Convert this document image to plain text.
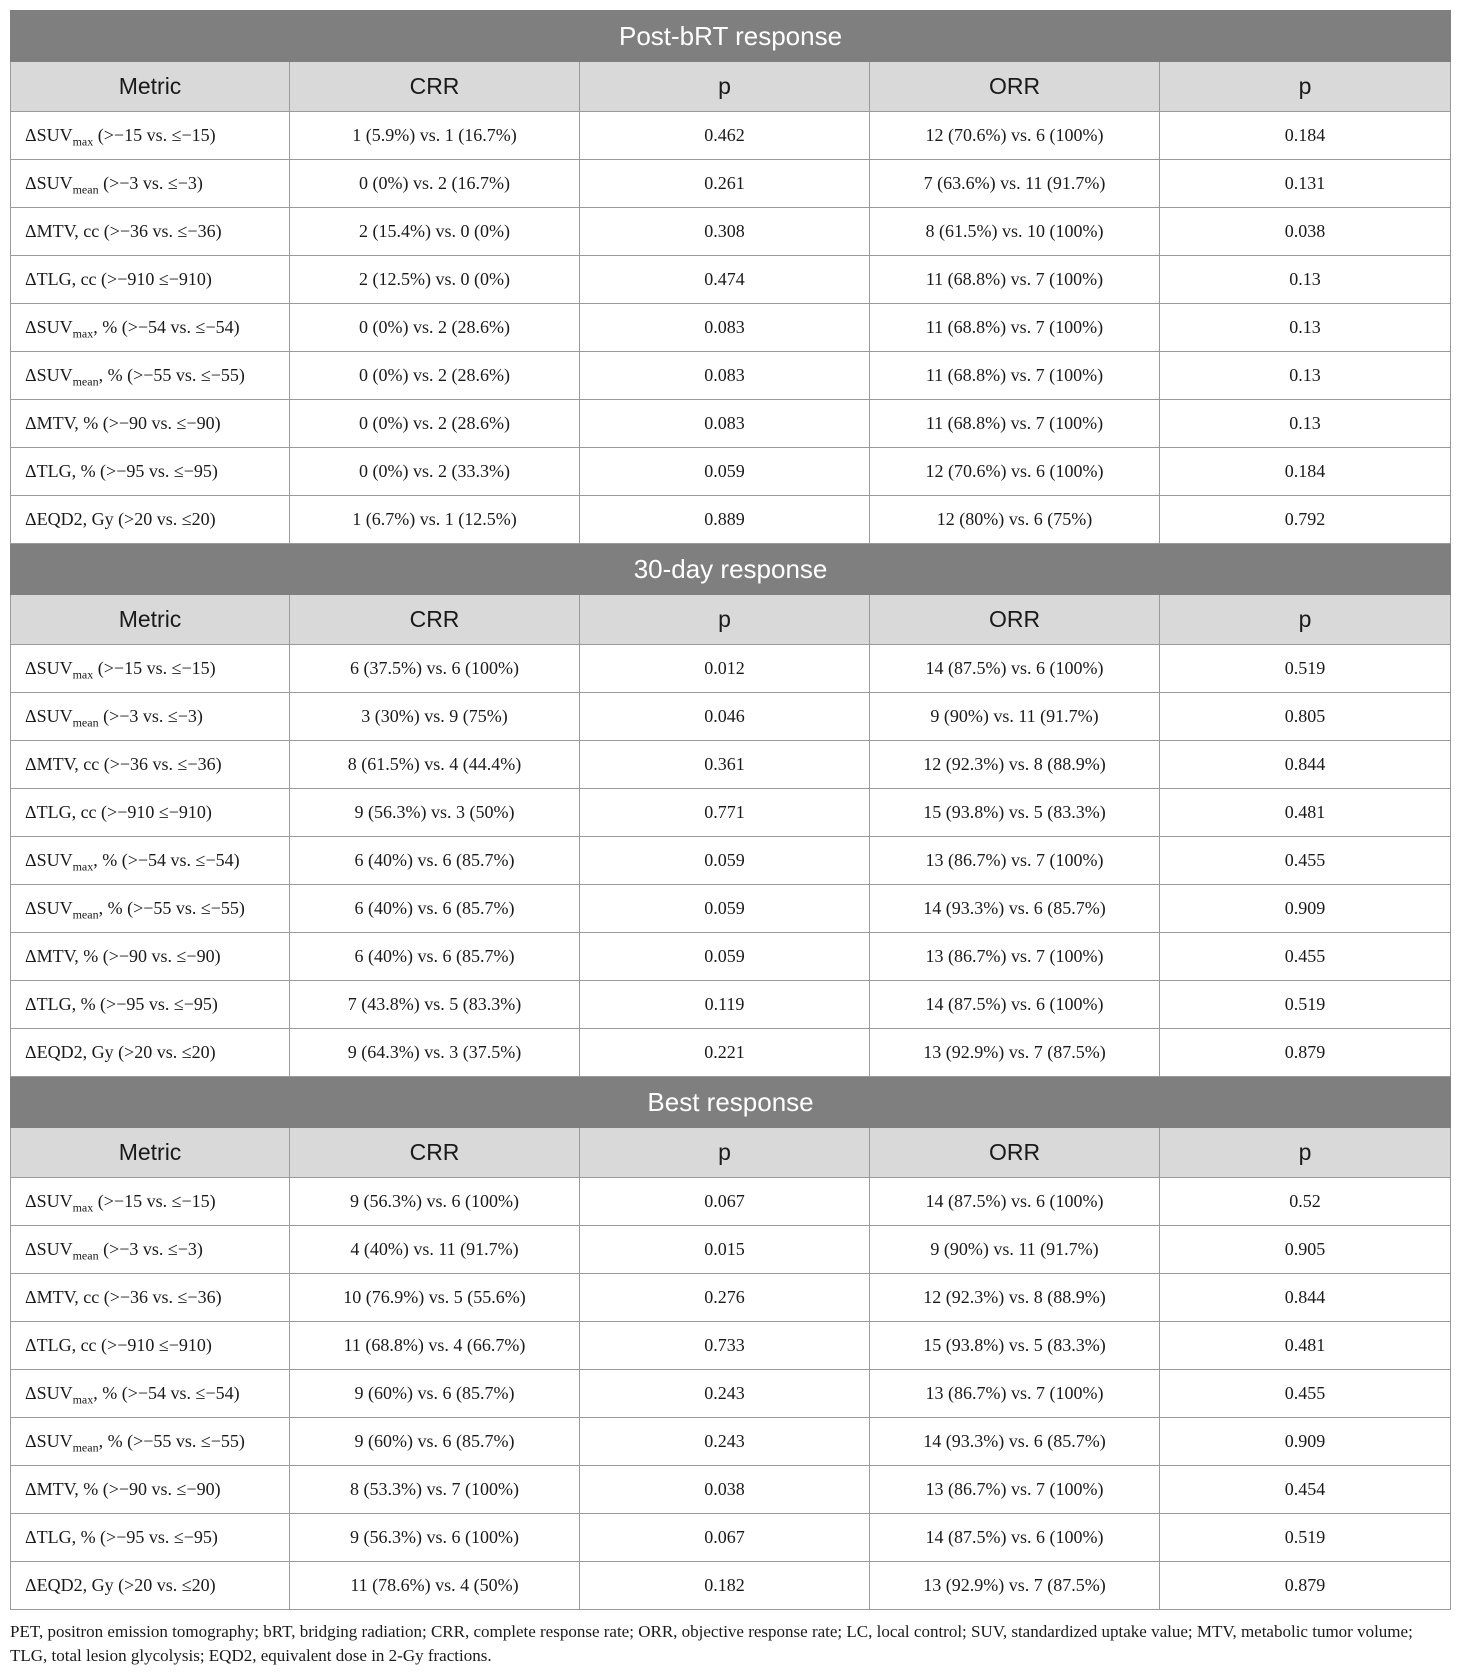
Post-bRT response				
Metric	CRR	p	ORR	p
$\Delta SUV_{max}$ (>−15 vs. ≤−15)	1 (5.9%) vs. 1 (16.7%)	0.462	12 (70.6%) vs. 6 (100%)	0.184
$\Delta SUV_{mean}$ (>−3 vs. ≤−3)	0 (0%) vs. 2 (16.7%)	0.261	7 (63.6%) vs. 11 (91.7%)	0.131
ΔMTV, cc (>−36 vs. ≤−36)	2 (15.4%) vs. 0 (0%)	0.308	8 (61.5%) vs. 10 (100%)	0.038
ΔTLG, cc (>−910 ≤−910)	2 (12.5%) vs. 0 (0%)	0.474	11 (68.8%) vs. 7 (100%)	0.13
$\Delta SUV_{max}$, % (>−54 vs. ≤−54)	0 (0%) vs. 2 (28.6%)	0.083	11 (68.8%) vs. 7 (100%)	0.13
$\Delta SUV_{mean}$, % (>−55 vs. ≤−55)	0 (0%) vs. 2 (28.6%)	0.083	11 (68.8%) vs. 7 (100%)	0.13
ΔMTV, % (>−90 vs. ≤−90)	0 (0%) vs. 2 (28.6%)	0.083	11 (68.8%) vs. 7 (100%)	0.13
ΔTLG, % (>−95 vs. ≤−95)	0 (0%) vs. 2 (33.3%)	0.059	12 (70.6%) vs. 6 (100%)	0.184
ΔEQD2, Gy (>20 vs. ≤20)	1 (6.7%) vs. 1 (12.5%)	0.889	12 (80%) vs. 6 (75%)	0.792
30-day response				
Metric	CRR	p	ORR	p
$\Delta SUV_{max}$ (>−15 vs. ≤−15)	6 (37.5%) vs. 6 (100%)	0.012	14 (87.5%) vs. 6 (100%)	0.519
$\Delta SUV_{mean}$ (>−3 vs. ≤−3)	3 (30%) vs. 9 (75%)	0.046	9 (90%) vs. 11 (91.7%)	0.805
ΔMTV, cc (>−36 vs. ≤−36)	8 (61.5%) vs. 4 (44.4%)	0.361	12 (92.3%) vs. 8 (88.9%)	0.844
ΔTLG, cc (>−910 ≤−910)	9 (56.3%) vs. 3 (50%)	0.771	15 (93.8%) vs. 5 (83.3%)	0.481
$\Delta SUV_{max}$, % (>−54 vs. ≤−54)	6 (40%) vs. 6 (85.7%)	0.059	13 (86.7%) vs. 7 (100%)	0.455
$\Delta SUV_{mean}$, % (>−55 vs. ≤−55)	6 (40%) vs. 6 (85.7%)	0.059	14 (93.3%) vs. 6 (85.7%)	0.909
ΔMTV, % (>−90 vs. ≤−90)	6 (40%) vs. 6 (85.7%)	0.059	13 (86.7%) vs. 7 (100%)	0.455
ΔTLG, % (>−95 vs. ≤−95)	7 (43.8%) vs. 5 (83.3%)	0.119	14 (87.5%) vs. 6 (100%)	0.519
ΔEQD2, Gy (>20 vs. ≤20)	9 (64.3%) vs. 3 (37.5%)	0.221	13 (92.9%) vs. 7 (87.5%)	0.879
Best response				
Metric	CRR	p	ORR	p
$\Delta SUV_{max}$ (>−15 vs. ≤−15)	9 (56.3%) vs. 6 (100%)	0.067	14 (87.5%) vs. 6 (100%)	0.52
$\Delta SUV_{mean}$ (>−3 vs. ≤−3)	4 (40%) vs. 11 (91.7%)	0.015	9 (90%) vs. 11 (91.7%)	0.905
ΔMTV, cc (>−36 vs. ≤−36)	10 (76.9%) vs. 5 (55.6%)	0.276	12 (92.3%) vs. 8 (88.9%)	0.844
ΔTLG, cc (>−910 ≤−910)	11 (68.8%) vs. 4 (66.7%)	0.733	15 (93.8%) vs. 5 (83.3%)	0.481
$\Delta SUV_{max}$, % (>−54 vs. ≤−54)	9 (60%) vs. 6 (85.7%)	0.243	13 (86.7%) vs. 7 (100%)	0.455
$\Delta SUV_{mean}$, % (>−55 vs. ≤−55)	9 (60%) vs. 6 (85.7%)	0.243	14 (93.3%) vs. 6 (85.7%)	0.909
ΔMTV, % (>−90 vs. ≤−90)	8 (53.3%) vs. 7 (100%)	0.038	13 (86.7%) vs. 7 (100%)	0.454
ΔTLG, % (>−95 vs. ≤−95)	9 (56.3%) vs. 6 (100%)	0.067	14 (87.5%) vs. 6 (100%)	0.519
ΔEQD2, Gy (>20 vs. ≤20)	11 (78.6%) vs. 4 (50%)	0.182	13 (92.9%) vs. 7 (87.5%)	0.879
PET, positron emission tomography; bRT, bridging radiation; CRR, complete response rate; ORR, objective response rate; LC, local control; SUV, standardized uptake value; MTV, metabolic tumor volume; TLG, total lesion glycolysis; EQD2, equivalent dose in 2-Gy fractions.
